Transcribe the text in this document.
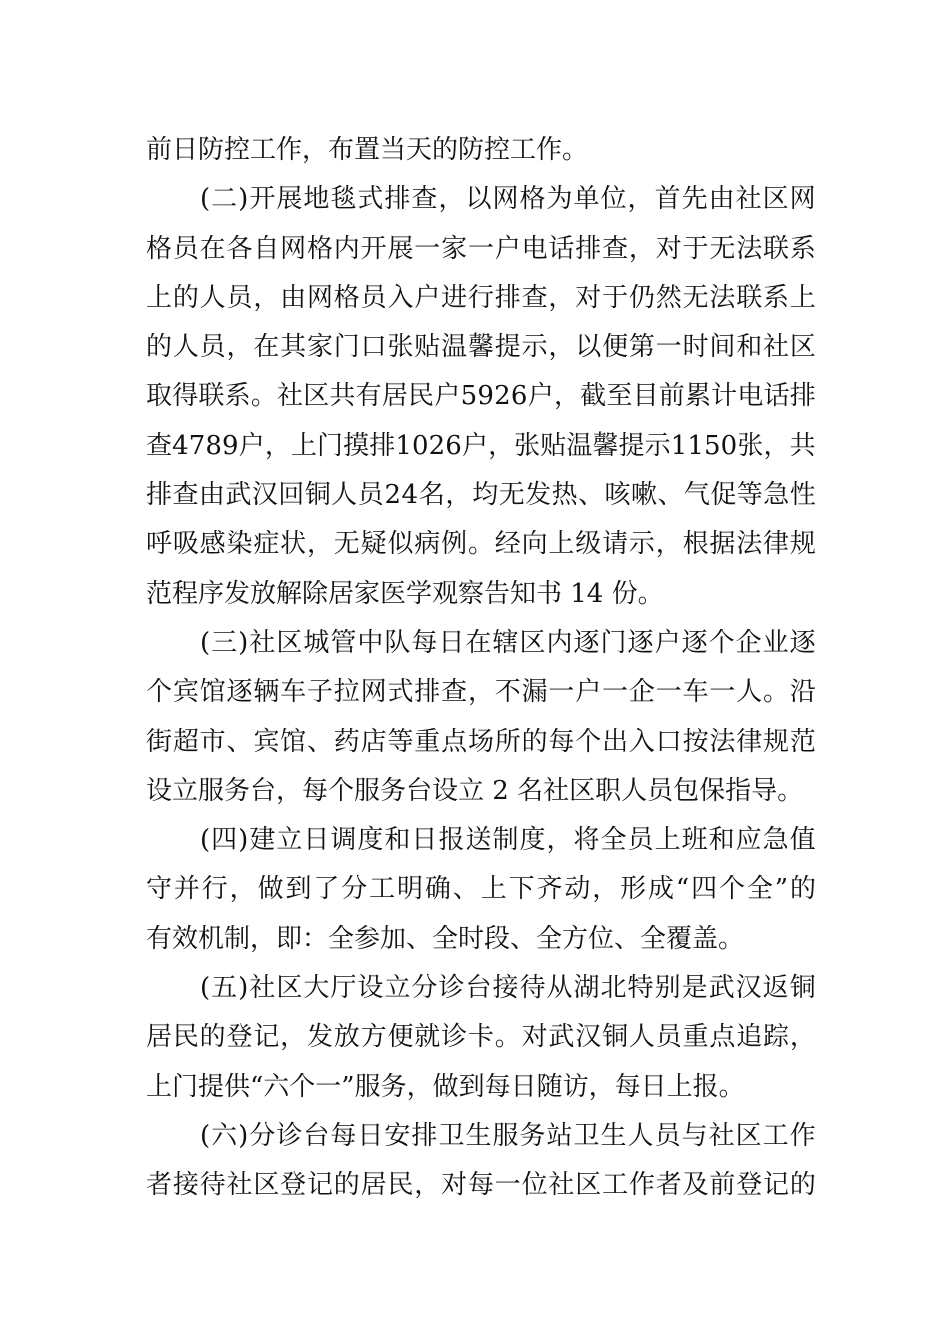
前日防控工作，布置当天的防控工作。
( 二 ) 开 展 地 毯 式 排 查 ， 以 网 格 为 单 位 ， 首 先 由 社 区 网
格 员 在 各 自 网 格 内 开 展 一 家 一 户 电 话 排 查 ， 对 于 无 法 联 系
上 的 人 员 ， 由 网 格 员 入 户 进 行 排 查 ， 对 于 仍 然 无 法 联 系 上
的 人 员 ， 在 其 家 门 口 张 贴 温 馨 提 示 ， 以 便 第 一 时 间 和 社 区
取 得 联 系 。 社 区 共 有 居 民 户 5 9 2 6 户 ， 截 至 目 前 累 计 电 话 排
查 4 7 8 9 户 ， 上 门 摸 排 1 0 2 6 户 ， 张 贴 温 馨 提 示 1 1 5 0 张 ， 共
排 查 由 武 汉 回 铜 人 员 2 4 名 ， 均 无 发 热 、 咳 嗽 、 气 促 等 急 性
呼 吸 感 染 症 状 ， 无 疑 似 病 例 。 经 向 上 级 请 示 ， 根 据 法 律 规
范程序发放解除居家医学观察告知书 14 份。
( 三 ) 社 区 城 管 中 队 每 日 在 辖 区 内 逐 门 逐 户 逐 个 企 业 逐
个 宾 馆 逐 辆 车 子 拉 网 式 排 查 ， 不 漏 一 户 一 企 一 车 一 人 。 沿
街 超 市 、 宾 馆 、 药 店 等 重 点 场 所 的 每 个 出 入 口 按 法 律 规 范
设立服务台，每个服务台设立 2 名社区职人员包保指导。
( 四 ) 建 立 日 调 度 和 日 报 送 制 度 ， 将 全 员 上 班 和 应 急 值
守 并 行 ， 做 到 了 分 工 明 确 、 上 下 齐 动 ， 形 成 “ 四 个 全 ” 的
有效机制，即：全参加、全时段、全方位、全覆盖。
( 五 ) 社 区 大 厅 设 立 分 诊 台 接 待 从 湖 北 特 别 是 武 汉 返 铜
居 民 的 登 记 ， 发 放 方 便 就 诊 卡 。 对 武 汉 铜 人 员 重 点 追 踪 ，
上门提供“六个一”服务，做到每日随访，每日上报。
( 六 ) 分 诊 台 每 日 安 排 卫 生 服 务 站 卫 生 人 员 与 社 区 工 作
者 接 待 社 区 登 记 的 居 民 ， 对 每 一 位 社 区 工 作 者 及 前 登 记 的
